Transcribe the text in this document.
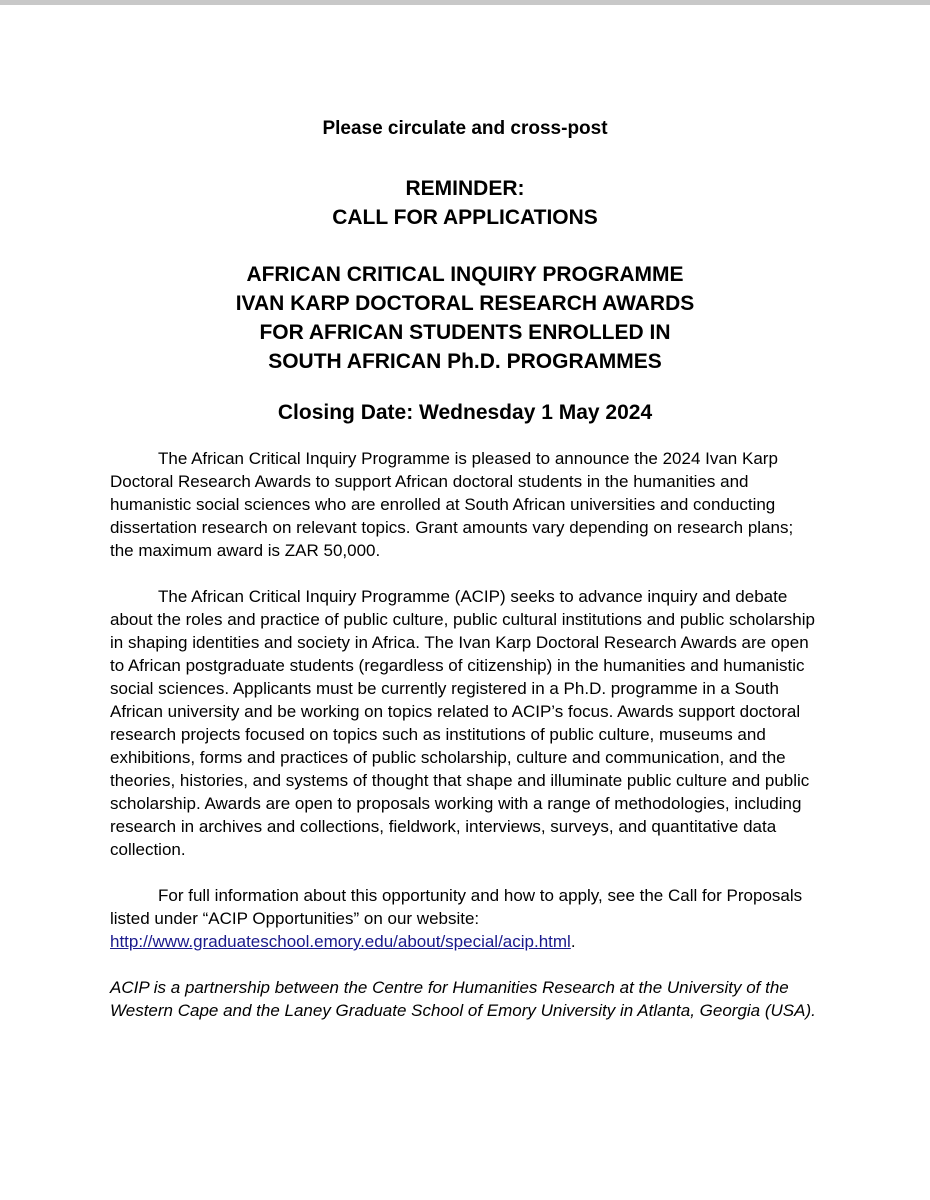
Please circulate and cross-post
REMINDER:
CALL FOR APPLICATIONS
AFRICAN CRITICAL INQUIRY PROGRAMME
IVAN KARP DOCTORAL RESEARCH AWARDS
FOR AFRICAN STUDENTS ENROLLED IN
SOUTH AFRICAN Ph.D. PROGRAMMES
Closing Date: Wednesday 1 May 2024

The African Critical Inquiry Programme is pleased to announce the 2024 Ivan Karp Doctoral Research Awards to support African doctoral students in the humanities and humanistic social sciences who are enrolled at South African universities and conducting dissertation research on relevant topics. Grant amounts vary depending on research plans; the maximum award is ZAR 50,000.

The African Critical Inquiry Programme (ACIP) seeks to advance inquiry and debate about the roles and practice of public culture, public cultural institutions and public scholarship in shaping identities and society in Africa. The Ivan Karp Doctoral Research Awards are open to African postgraduate students (regardless of citizenship) in the humanities and humanistic social sciences. Applicants must be currently registered in a Ph.D. programme in a South African university and be working on topics related to ACIP’s focus. Awards support doctoral research projects focused on topics such as institutions of public culture, museums and exhibitions, forms and practices of public scholarship, culture and communication, and the theories, histories, and systems of thought that shape and illuminate public culture and public scholarship. Awards are open to proposals working with a range of methodologies, including research in archives and collections, fieldwork, interviews, surveys, and quantitative data collection.

For full information about this opportunity and how to apply, see the Call for Proposals listed under “ACIP Opportunities” on our website:
http://www.graduateschool.emory.edu/about/special/acip.html.

ACIP is a partnership between the Centre for Humanities Research at the University of the Western Cape and the Laney Graduate School of Emory University in Atlanta, Georgia (USA).
